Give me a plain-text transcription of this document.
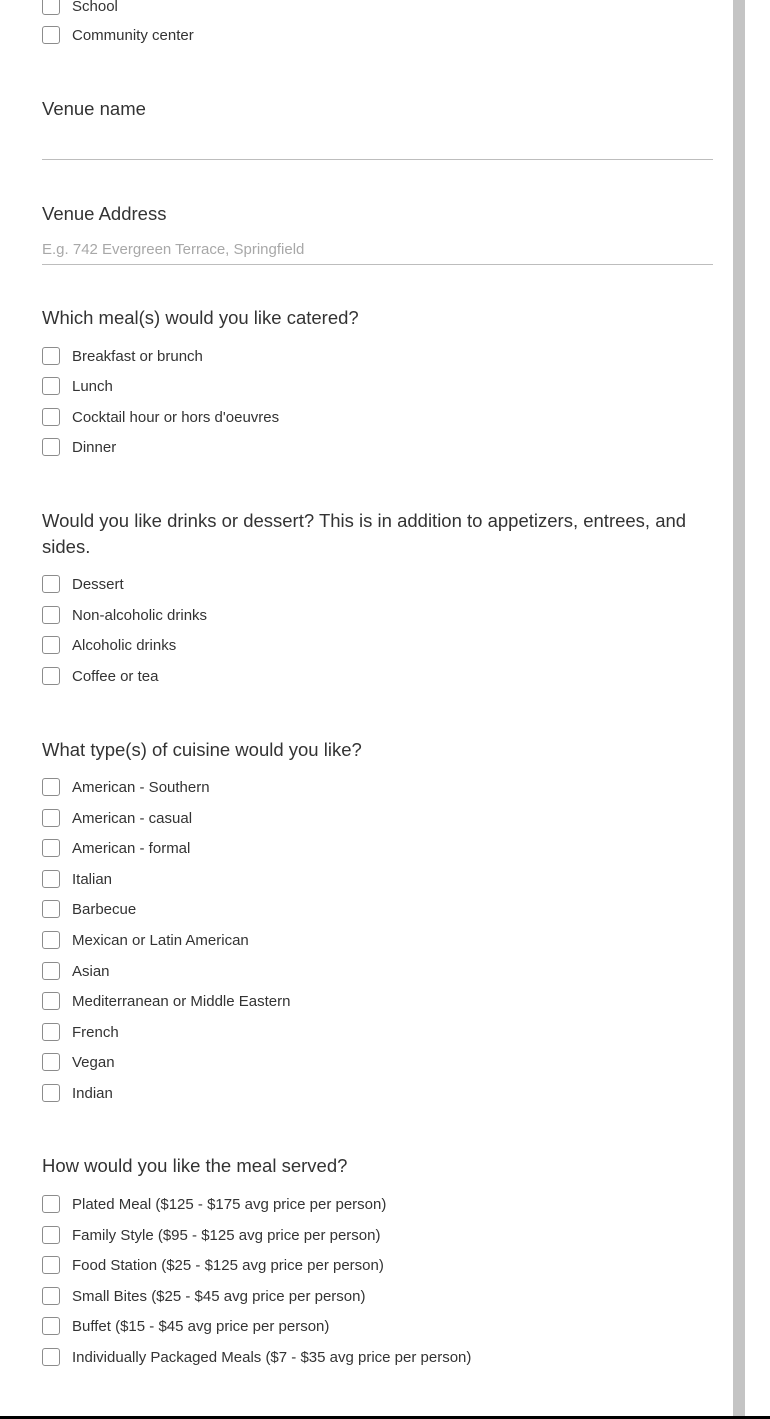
School
Community center
Venue name
Venue Address
E.g. 742 Evergreen Terrace, Springfield
Which meal(s) would you like catered?
Breakfast or brunch
Lunch
Cocktail hour or hors d'oeuvres
Dinner
Would you like drinks or dessert? This is in addition to appetizers, entrees, and sides.
Dessert
Non-alcoholic drinks
Alcoholic drinks
Coffee or tea
What type(s) of cuisine would you like?
American - Southern
American - casual
American - formal
Italian
Barbecue
Mexican or Latin American
Asian
Mediterranean or Middle Eastern
French
Vegan
Indian
How would you like the meal served?
Plated Meal ($125 - $175 avg price per person)
Family Style ($95 - $125 avg price per person)
Food Station ($25 - $125 avg price per person)
Small Bites ($25 - $45 avg price per person)
Buffet ($15 - $45 avg price per person)
Individually Packaged Meals ($7 - $35 avg price per person)
